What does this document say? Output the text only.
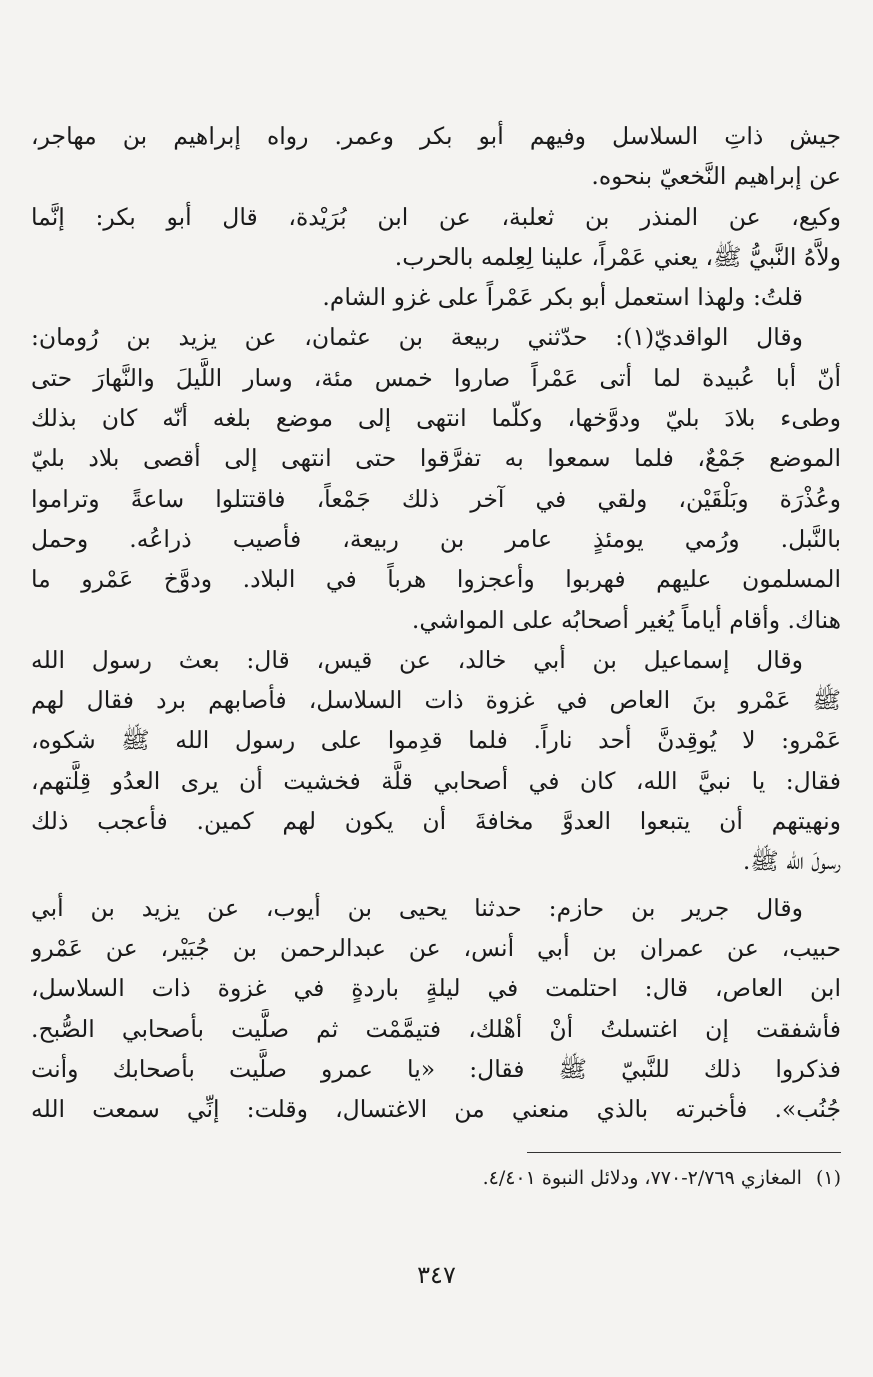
جيش ذاتِ السلاسل وفيهم أبو بكر وعمر. رواه إبراهيم بن مهاجر،
عن إبراهيم النَّخعيّ بنحوه.
وكيع، عن المنذر بن ثعلبة، عن ابن بُرَيْدة، قال أبو بكر: إنَّما
ولاَّهُ النَّبيُّ ﷺ، يعني عَمْراً، علينا لِعِلمه بالحرب.
قلتُ: ولهذا استعمل أبو بكر عَمْراً على غزو الشام.
وقال الواقديّ(١): حدّثني ربيعة بن عثمان، عن يزيد بن رُومان:
أنّ أبا عُبيدة لما أتى عَمْراً صاروا خمس مئة، وسار اللَّيلَ والنَّهارَ حتى
وطىء بلادَ بليّ ودوَّخها، وكلّما انتهى إلى موضع بلغه أنّه كان بذلك
الموضع جَمْعٌ، فلما سمعوا به تفرَّقوا حتى انتهى إلى أقصى بلاد بليّ
وعُذْرَة وبَلْقَيْن، ولقي في آخر ذلك جَمْعاً، فاقتتلوا ساعةً وتراموا
بالنَّبل. ورُمي يومئذٍ عامر بن ربيعة، فأصيب ذراعُه. وحمل
المسلمون عليهم فهربوا وأعجزوا هرباً في البلاد. ودوَّخ عَمْرو ما
هناك. وأقام أياماً يُغير أصحابُه على المواشي.
وقال إسماعيل بن أبي خالد، عن قيس، قال: بعث رسول الله
ﷺ عَمْرو بنَ العاص في غزوة ذات السلاسل، فأصابهم برد فقال لهم
عَمْرو: لا يُوقِدنَّ أحد ناراً. فلما قدِموا على رسول الله ﷺ شكوه،
فقال: يا نبيَّ الله، كان في أصحابي قلَّة فخشيت أن يرى العدُو قِلَّتهم،
ونهيتهم أن يتبعوا العدوَّ مخافةَ أن يكون لهم كمين. فأعجب ذلك
رسولَ الله ﷺ.
وقال جرير بن حازم: حدثنا يحيى بن أيوب، عن يزيد بن أبي
حبيب، عن عمران بن أبي أنس، عن عبدالرحمن بن جُبَيْر، عن عَمْرو
ابن العاص، قال: احتلمت في ليلةٍ باردةٍ في غزوة ذات السلاسل،
فأشفقت إن اغتسلتُ أنْ أهْلك، فتيمَّمْت ثم صلَّيت بأصحابي الصُّبح.
فذكروا ذلك للنَّبيّ ﷺ فقال: «يا عمرو صلَّيت بأصحابك وأنت
جُنُب». فأخبرته بالذي منعني من الاغتسال، وقلت: إنِّي سمعت الله
(١)المغازي ٢/٧٦٩-٧٧٠، ودلائل النبوة ٤/٤٠١.
٣٤٧
